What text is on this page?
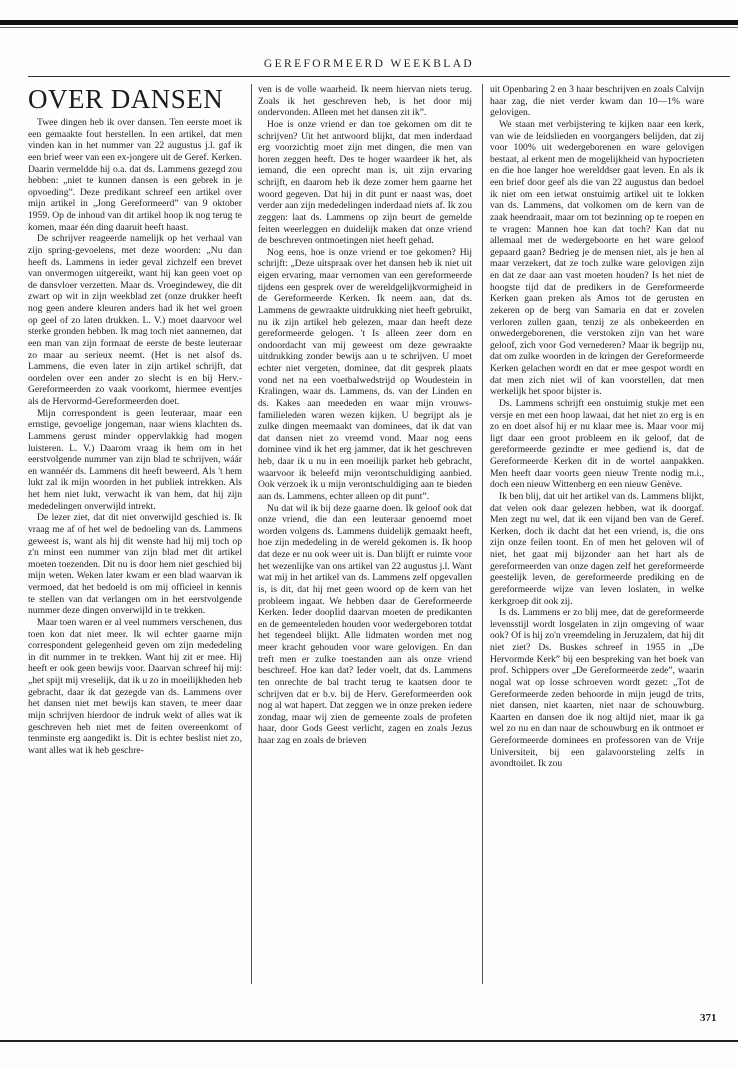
GEREFORMEERD WEEKBLAD
OVER DANSEN

Twee dingen heb ik over dansen. Ten eerste moet ik een gemaakte fout herstellen. In een artikel, dat men vinden kan in het nummer van 22 augustus j.l. gaf ik een brief weer van een ex-jongere uit de Geref. Kerken. Daarin vermeldde hij o.a. dat ds. Lammens gezegd zou hebben: „niet te kunnen dansen is een gebrek in je opvoeding”. Deze predikant schreef een artikel over mijn artikel in „Jong Gereformeerd” van 9 oktober 1959. Op de inhoud van dit artikel hoop ik nog terug te komen, maar één ding daaruit heeft haast.

De schrijver reageerde namelijk op het verhaal van zijn spring-gevoelens, met deze woorden: „Nu dan heeft ds. Lammens in ieder geval zichzelf een brevet van onvermogen uitgereikt, want hij kan geen voet op de dansvloer verzetten. Maar ds. Vroegindewey, die dit zwart op wit in zijn weekblad zet (onze drukker heeft nog geen andere kleuren anders had ik het wel groen op geel of zo laten drukken. L. V.) moet daarvoor wel sterke gronden hebben. Ik mag toch niet aannemen, dat een man van zijn formaat de eerste de beste leuteraar zo maar au serieux neemt. (Het is net alsof ds. Lammens, die even later in zijn artikel schrijft, dat oordelen over een ander zo slecht is en bij Herv.-Gereformeerden zo vaak voorkomt, hiermee eventjes als de Hervormd-Gereformeerden doet.

Mijn correspondent is geen leuteraar, maar een ernstige, gevoelige jongeman, naar wiens klachten ds. Lammens gerust minder oppervlakkig had mogen luisteren. L. V.) Daarom vraag ik hem om in het eerstvolgende nummer van zijn blad te schrijven, wáár en wannéér ds. Lammens dit heeft beweerd. Als 't hem lukt zal ik mijn woorden in het publiek intrekken. Als het hem niet lukt, verwacht ik van hem, dat hij zijn mededelingen onverwijld intrekt.

De lezer ziet, dat dit niet onverwijld geschied is. Ik vraag me af of het wel de bedoeling van ds. Lammens geweest is, want als hij dit wenste had hij mij toch op z'n minst een nummer van zijn blad met dit artikel moeten toezenden. Dit nu is door hem niet geschied bij mijn weten. Weken later kwam er een blad waarvan ik vermoed, dat het bedoeld is om mij officieel in kennis te stellen van dat verlangen om in het eerstvolgende nummer deze dingen onverwijld in te trekken.

Maar toen waren er al veel nummers verschenen, dus toen kon dat niet meer. Ik wil echter gaarne mijn correspondent gelegenheid geven om zijn mededeling in dit nummer in te trekken. Want hij zit er mee. Hij heeft er ook geen bewijs voor. Daarvan schreef hij mij: „het spijt mij vreselijk, dat ik u zo in moeilijkheden heb gebracht, daar ik dat gezegde van ds. Lammens over het dansen niet met bewijs kan staven, te meer daar mijn schrijven hierdoor de indruk wekt of alles wat ik geschreven heb niet met de feiten overeenkomt of tenminste erg aangedikt is. Dit is echter beslist niet zo, want alles wat ik heb geschre-

ven is de volle waarheid. Ik neem hiervan niets terug. Zoals ik het geschreven heb, is het door mij ondervonden. Alleen met het dansen zit ik”.

Hoe is onze vriend er dan toe gekomen om dit te schrijven? Uit het antwoord blijkt, dat men inderdaad erg voorzichtig moet zijn met dingen, die men van horen zeggen heeft. Des te hoger waardeer ik het, als iemand, die een oprecht man is, uit zijn ervaring schrijft, en daarom heb ik deze zomer hem gaarne het woord gegeven. Dat hij in dit punt er naast was, doet verder aan zijn mededelingen inderdaad niets af. Ik zou zeggen: laat ds. Lammens op zijn beurt de gemelde feiten weerleggen en duidelijk maken dat onze vriend de beschreven ontmoetingen niet heeft gehad.

Nog eens, hoe is onze vriend er toe gekomen? Hij schrijft: „Deze uitspraak over het dansen heb ik niet uit eigen ervaring, maar vernomen van een gereformeerde tijdens een gesprek over de wereldgelijkvormigheid in de Gereformeerde Kerken. Ik neem aan, dat ds. Lammens de gewraakte uitdrukking niet heeft gebruikt, nu ik zijn artikel heb gelezen, maar dan heeft deze gereformeerde gelogen. 't Is alleen zeer dom en ondoordacht van mij geweest om deze gewraakte uitdrukking zonder bewijs aan u te schrijven. U moet echter niet vergeten, dominee, dat dit gesprek plaats vond net na een voetbalwedstrijd op Woudestein in Kralingen, waar ds. Lammens, ds. van der Linden en ds. Kakes aan meededen en waar mijn vrouws-familieleden waren wezen kijken. U begrijpt als je zulke dingen meemaakt van dominees, dat ik dat van dat dansen niet zo vreemd vond. Maar nog eens dominee vind ik het erg jammer, dat ik het geschreven heb, daar ik u nu in een moeilijk parket heb gebracht, waarvoor ik beleefd mijn verontschuldiging aanbied. Ook verzoek ik u mijn verontschuldiging aan te bieden aan ds. Lammens, echter alleen op dit punt”.

Nu dat wil ik bij deze gaarne doen. Ik geloof ook dat onze vriend, die dan een leuteraar genoemd moet worden volgens ds. Lammens duidelijk gemaakt heeft, hoe zijn mededeling in de wereld gekomen is. Ik hoop dat deze er nu ook weer uit is. Dan blijft er ruimte voor het wezenlijke van ons artikel van 22 augustus j.l. Want wat mij in het artikel van ds. Lammens zelf opgevallen is, is dit, dat hij met geen woord op de kern van het probleem ingaat. We hebben daar de Gereformeerde Kerken. Ieder doopIid daarvan moeten de predikanten en de gemeenteleden houden voor wedergeboren totdat het tegendeel blijkt. Alle lidmaten worden met nog meer kracht gehouden voor ware gelovigen. En dan treft men er zulke toestanden aan als onze vriend beschreef. Hoe kan dat? Ieder voelt, dat ds. Lammens ten onrechte de bal tracht terug te kaatsen door te schrijven dat er b.v. bij de Herv. Gereformeerden ook nog al wat hapert. Dat zeggen we in onze preken iedere zondag, maar wij zien de gemeente zoals de profeten haar, door Gods Geest verlicht, zagen en zoals Jezus haar zag en zoals de brieven

uit Openbaring 2 en 3 haar beschrijven en zoals Calvijn haar zag, die niet verder kwam dan 10—1% ware gelovigen.

We staan met verbijstering te kijken naar een kerk, van wie de leidslieden en voorgangers belijden, dat zij voor 100% uit wedergeborenen en ware gelovigen bestaat, al erkent men de mogelijkheid van hypocrieten en die hoe langer hoe werelddser gaat leven. En als ik een brief door geef als die van 22 augustus dan bedoel ik niet om een ietwat onstuimig artikel uit te lokken van ds. Lammens, dat volkomen om de kern van de zaak heendraait, maar om tot bezinning op te roepen en te vragen: Mannen hoe kan dat toch? Kan dat nu allemaal met de wedergeboorte en het ware geloof gepaard gaan? Bedrieg je de mensen niet, als je hen al maar verzekert, dat ze toch zulke ware gelovigen zijn en dat ze daar aan vast moeten houden? Is het niet de hoogste tijd dat de predikers in de Gereformeerde Kerken gaan preken als Amos tot de gerusten en zekeren op de berg van Samaria en dat er zovelen verloren zullen gaan, tenzij ze als onbekeerden en onwedergeborenen, die verstoken zijn van het ware geloof, zich voor God vernederen? Maar ik begrijp nu, dat om zulke woorden in de kringen der Gereformeerde Kerken gelachen wordt en dat er mee gespot wordt en dat men zich niet wil of kan voorstellen, dat men werkelijk het spoor bijster is.

Ds. Lammens schrijft een onstuimig stukje met een versje en met een hoop lawaai, dat het niet zo erg is en zo en doet alsof hij er nu klaar mee is. Maar voor mij ligt daar een groot probleem en ik geloof, dat de gereformeerde gezindte er mee gediend is, dat de Gereformeerde Kerken dit in de wortel aanpakken. Men heeft daar voorts geen nieuw Trente nodig m.i., doch een nieuw Wittenberg en een nieuw Genève.

Ik ben blij, dat uit het artikel van ds. Lammens blijkt, dat velen ook daar gelezen hebben, wat ik doorgaf. Men zegt nu wel, dat ik een vijand ben van de Geref. Kerken, doch ik dacht dat het een vriend, is, die ons zijn onze feilen toont. En of men het geloven wil of niet, het gaat mij bijzonder aan het hart als de gereformeerden van onze dagen zelf het gereformeerde geestelijk leven, de gereformeerde prediking en de gereformeerde wijze van leven loslaten, in welke kerkgroep dit ook zij.

Is ds. Lammens er zo blij mee, dat de gereformeerde levensstijl wordt losgelaten in zijn omgeving of waar ook? Of is hij zo'n vreemdeling in Jeruzalem, dat hij dit niet ziet? Ds. Buskes schreef in 1955 in „De Hervormde Kerk” bij een bespreking van het boek van prof. Schippers over „De Gereformeerde zede”, waarin nogal wat op losse schroeven wordt gezet: „Tot de Gereformeerde zeden behoorde in mijn jeugd de trits, niet dansen, niet kaarten, niet naar de schouwburg. Kaarten en dansen doe ik nog altijd niet, maar ik ga wel zo nu en dan naar de schouwburg en ik ontmoet er Gereformeerde dominees en professoren van de Vrije Universiteit, bij een galavoorsteling zelfs in avondtoilet. Ik zou

371
